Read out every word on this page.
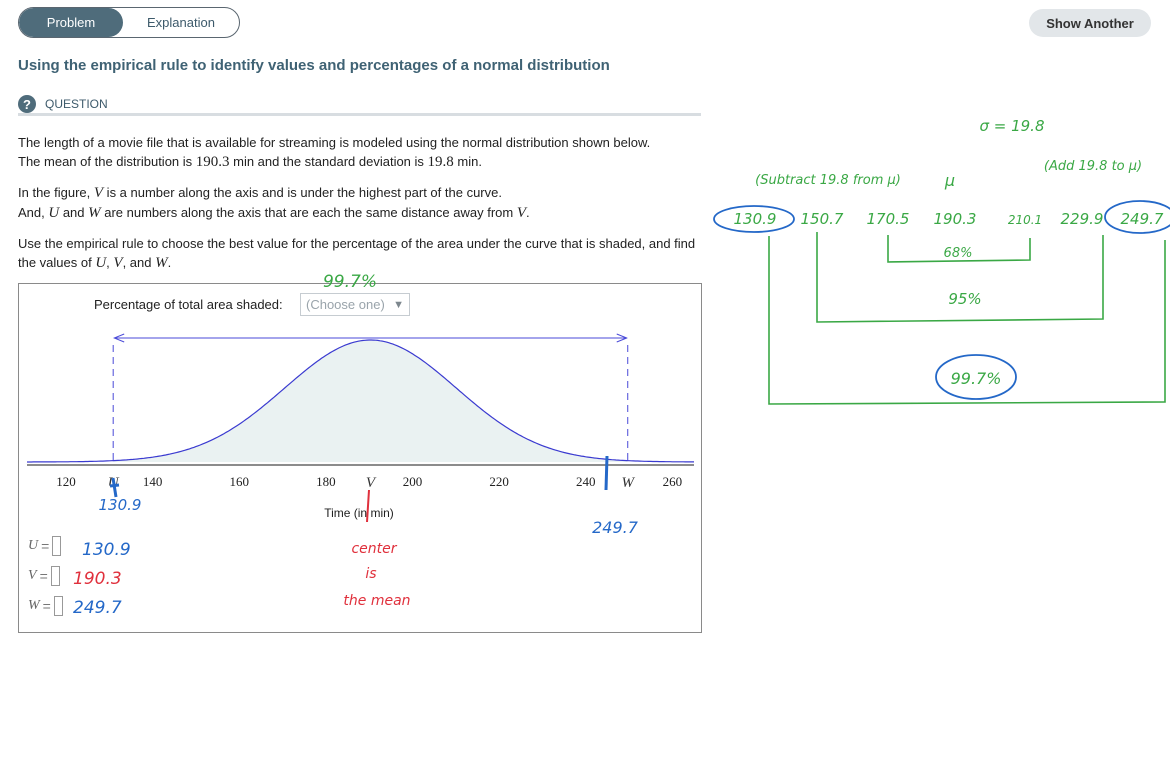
Problem	Explanation	Show Another
Using the empirical rule to identify values and percentages of a normal distribution
?	QUESTION
The length of a movie file that is available for streaming is modeled using the normal distribution shown below.
The mean of the distribution is 190.3 min and the standard deviation is 19.8 min.
In the figure, V is a number along the axis and is under the highest part of the curve.
And, U and W are numbers along the axis that are each the same distance away from V.
Use the empirical rule to choose the best value for the percentage of the area under the curve that is shaded, and find
the values of U, V, and W.
Percentage of total area shaded: (Choose one) ▼
120	140	160	180	200	220	240	260
U	V	W
Time (in min)
99.7%
130.9
249.7
center
is
the mean
130.9
190.3
249.7
σ = 19.8
(Subtract 19.8 from μ)	μ
(Add 19.8 to μ)
130.9 150.7 170.5 190.3	210.1 229.9 249.7
68%
95%
99.7%
U =
V =
W =
